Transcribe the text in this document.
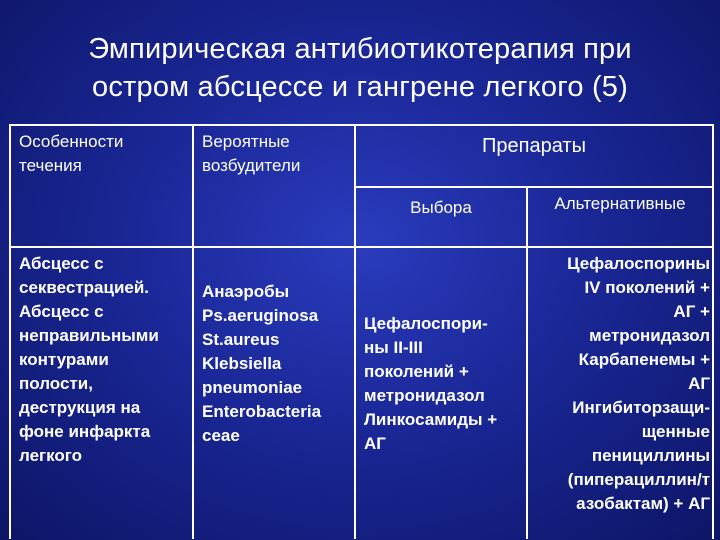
Эмпирическая антибиотикотерапия при
остром абсцессе и гангрене легкого (5)
Особенности
течения
Вероятные
возбудители
Препараты
Выбора	Альтернативные
Абсцесс с
секвестрацией.
Абсцесс с
неправильными
контурами
полости,
деструкция на
фоне инфаркта
легкого
Анаэробы
Ps.aeruginosa
St.aureus
Klebsiella
pneumoniae
Enterobacteria
ceae
Цефалоспори-
ны II-III
поколений +
метронидазол
Линкосамиды +
АГ
Цефалоспорины
IV поколений +
АГ +
метронидазол
Карбапенемы +
АГ
Ингибиторзащи-
щенные
пенициллины
(пиперациллин/т
азобактам) + АГ
